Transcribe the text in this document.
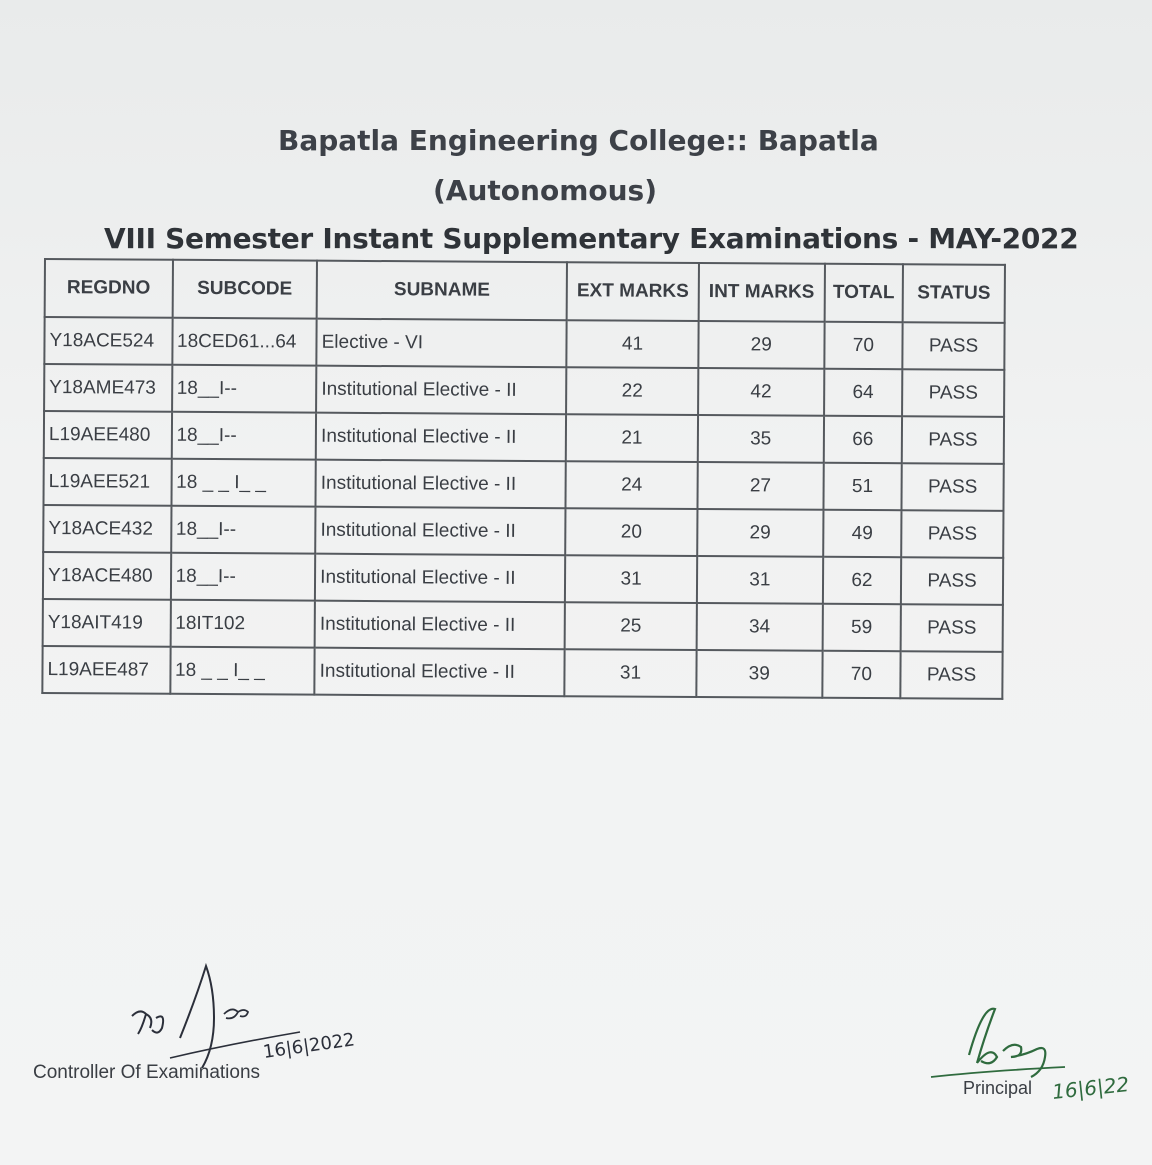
Bapatla Engineering College:: Bapatla
(Autonomous)
VIII Semester Instant Supplementary Examinations - MAY-2022
REGDNO	SUBCODE	SUBNAME	EXT MARKS	INT MARKS	TOTAL	STATUS
Y18ACE524	18CED61...64	Elective - VI	41	29	70	PASS
Y18AME473	18__I--	Institutional Elective - II	22	42	64	PASS
L19AEE480	18__I--	Institutional Elective - II	21	35	66	PASS
L19AEE521	18 _ _ I_ _	Institutional Elective - II	24	27	51	PASS
Y18ACE432	18__I--	Institutional Elective - II	20	29	49	PASS
Y18ACE480	18__I--	Institutional Elective - II	31	31	62	PASS
Y18AIT419	18IT102	Institutional Elective - II	25	34	59	PASS
L19AEE487	18 _ _ I_ _	Institutional Elective - II	31	39	70	PASS
16|6|2022
Controller Of Examinations	16|6|22
Principal
